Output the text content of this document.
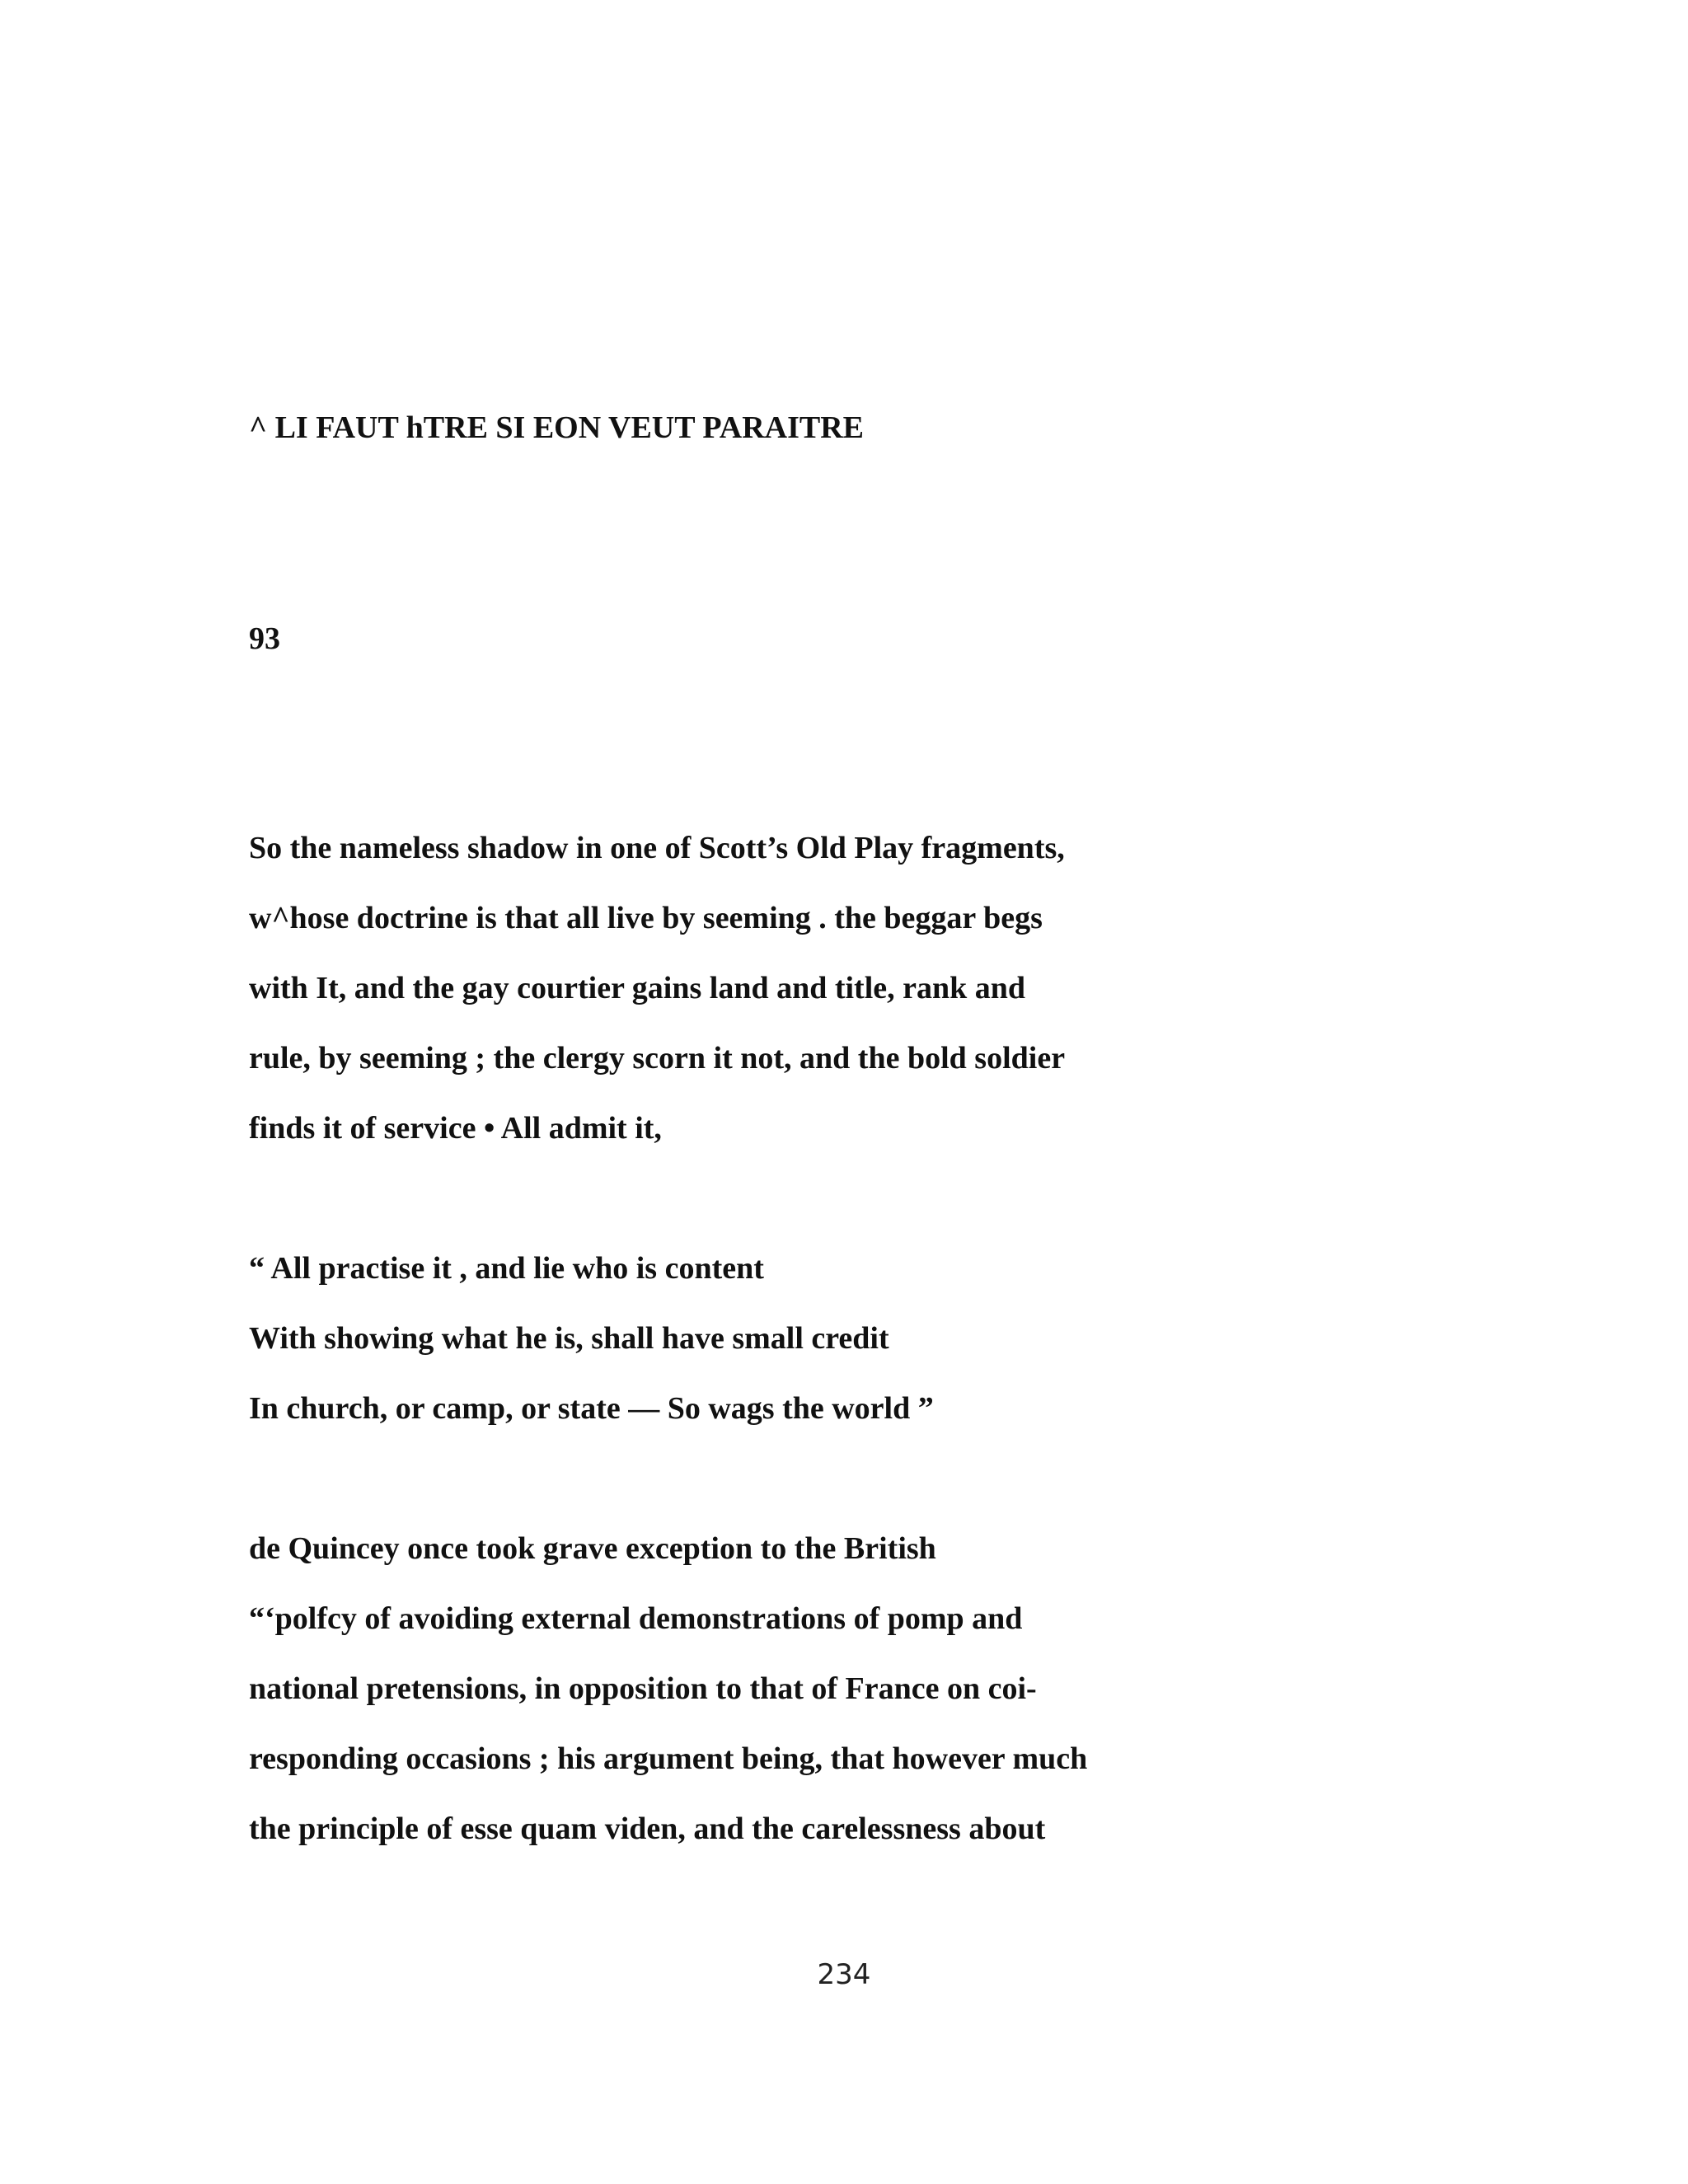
^ LI FAUT hTRE SI EON VEUT PARAITRE

93

So the nameless shadow in one of Scott’s Old Play fragments,

w^hose doctrine is that all live by seeming . the beggar begs

with It, and the gay courtier gains land and title, rank and

rule, by seeming ; the clergy scorn it not, and the bold soldier

finds it of service • All admit it,

“ All practise it , and lie who is content

With showing what he is, shall have small credit

In church, or camp, or state — So wags the world ”

de Quincey once took grave exception to the British

“‘polfcy of avoiding external demonstrations of pomp and

national pretensions, in opposition to that of France on coi-

responding occasions ; his argument being, that however much

the principle of esse quam viden, and the carelessness about

234
